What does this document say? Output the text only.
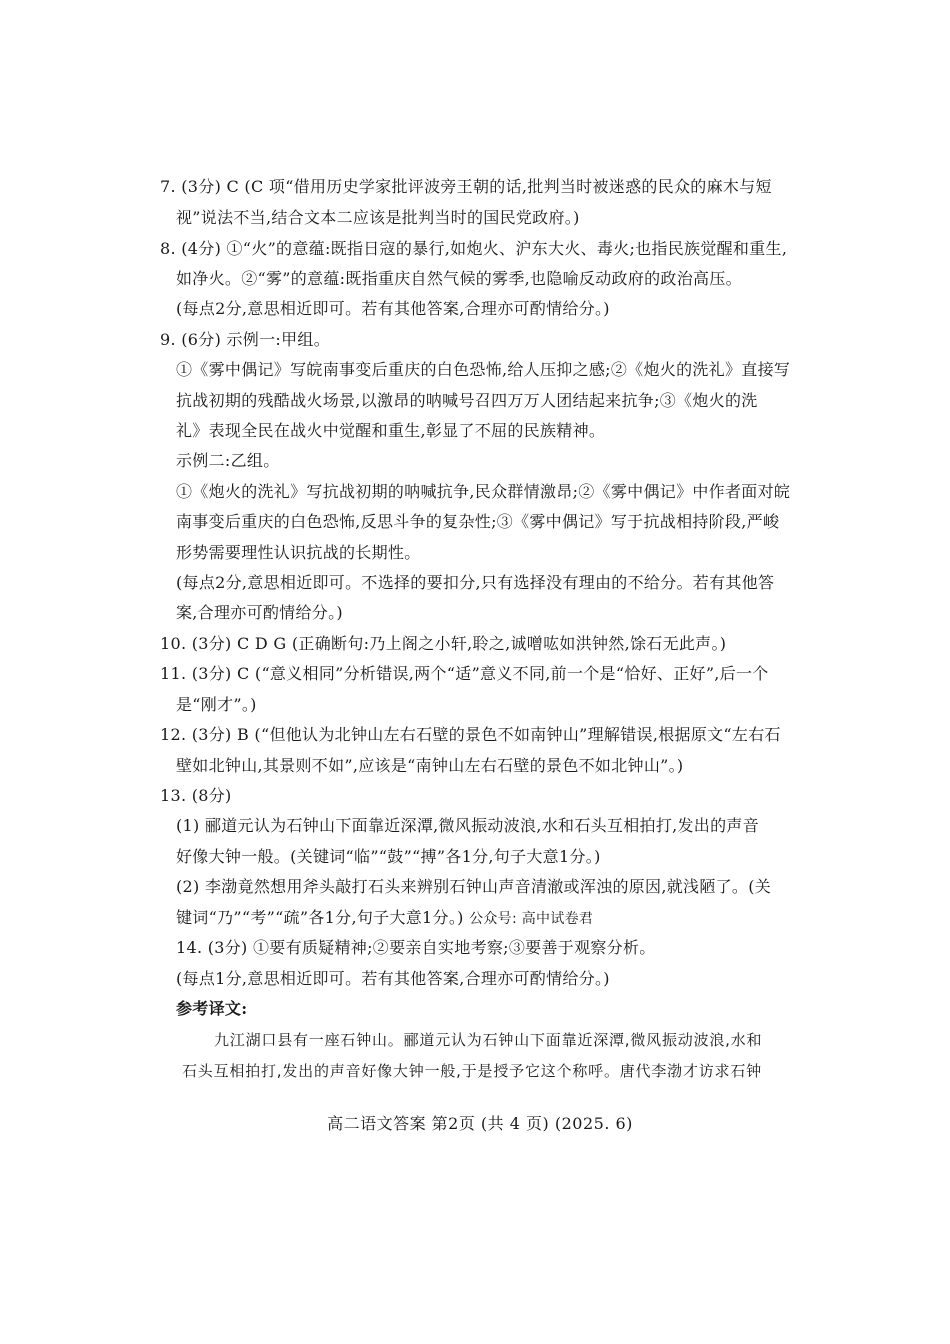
7. (3分) C (C 项“借用历史学家批评波旁王朝的话,批判当时被迷惑的民众的麻木与短
视”说法不当,结合文本二应该是批判当时的国民党政府。)
8. (4分) ①“火”的意蕴:既指日寇的暴行,如炮火、沪东大火、毒火;也指民族觉醒和重生,
如净火。②“雾”的意蕴:既指重庆自然气候的雾季,也隐喻反动政府的政治高压。
(每点2分,意思相近即可。若有其他答案,合理亦可酌情给分。)
9. (6分) 示例一:甲组。
①《雾中偶记》写皖南事变后重庆的白色恐怖,给人压抑之感;②《炮火的洗礼》直接写
抗战初期的残酷战火场景,以激昂的呐喊号召四万万人团结起来抗争;③《炮火的洗
礼》表现全民在战火中觉醒和重生,彰显了不屈的民族精神。
示例二:乙组。
①《炮火的洗礼》写抗战初期的呐喊抗争,民众群情激昂;②《雾中偶记》中作者面对皖
南事变后重庆的白色恐怖,反思斗争的复杂性;③《雾中偶记》写于抗战相持阶段,严峻
形势需要理性认识抗战的长期性。
(每点2分,意思相近即可。不选择的要扣分,只有选择没有理由的不给分。若有其他答
案,合理亦可酌情给分。)
10. (3分) C D G (正确断句:乃上阁之小轩,聆之,诚噌吰如洪钟然,馀石无此声。)
11. (3分) C (“意义相同”分析错误,两个“适”意义不同,前一个是“恰好、正好”,后一个
是“刚才”。)
12. (3分) B (“但他认为北钟山左右石壁的景色不如南钟山”理解错误,根据原文“左右石
壁如北钟山,其景则不如”,应该是“南钟山左右石壁的景色不如北钟山”。)
13. (8分)
(1) 郦道元认为石钟山下面靠近深潭,微风振动波浪,水和石头互相拍打,发出的声音
好像大钟一般。(关键词“临”“鼓”“搏”各1分,句子大意1分。)
(2) 李渤竟然想用斧头敲打石头来辨别石钟山声音清澈或浑浊的原因,就浅陋了。(关
键词“乃”“考”“疏”各1分,句子大意1分。) 公众号: 高中试卷君
14. (3分) ①要有质疑精神;②要亲自实地考察;③要善于观察分析。
(每点1分,意思相近即可。若有其他答案,合理亦可酌情给分。)
参考译文:
九江湖口县有一座石钟山。郦道元认为石钟山下面靠近深潭,微风振动波浪,水和
石头互相拍打,发出的声音好像大钟一般,于是授予它这个称呼。唐代李渤才访求石钟
高二语文答案 第2页 (共 4 页) (2025. 6)
